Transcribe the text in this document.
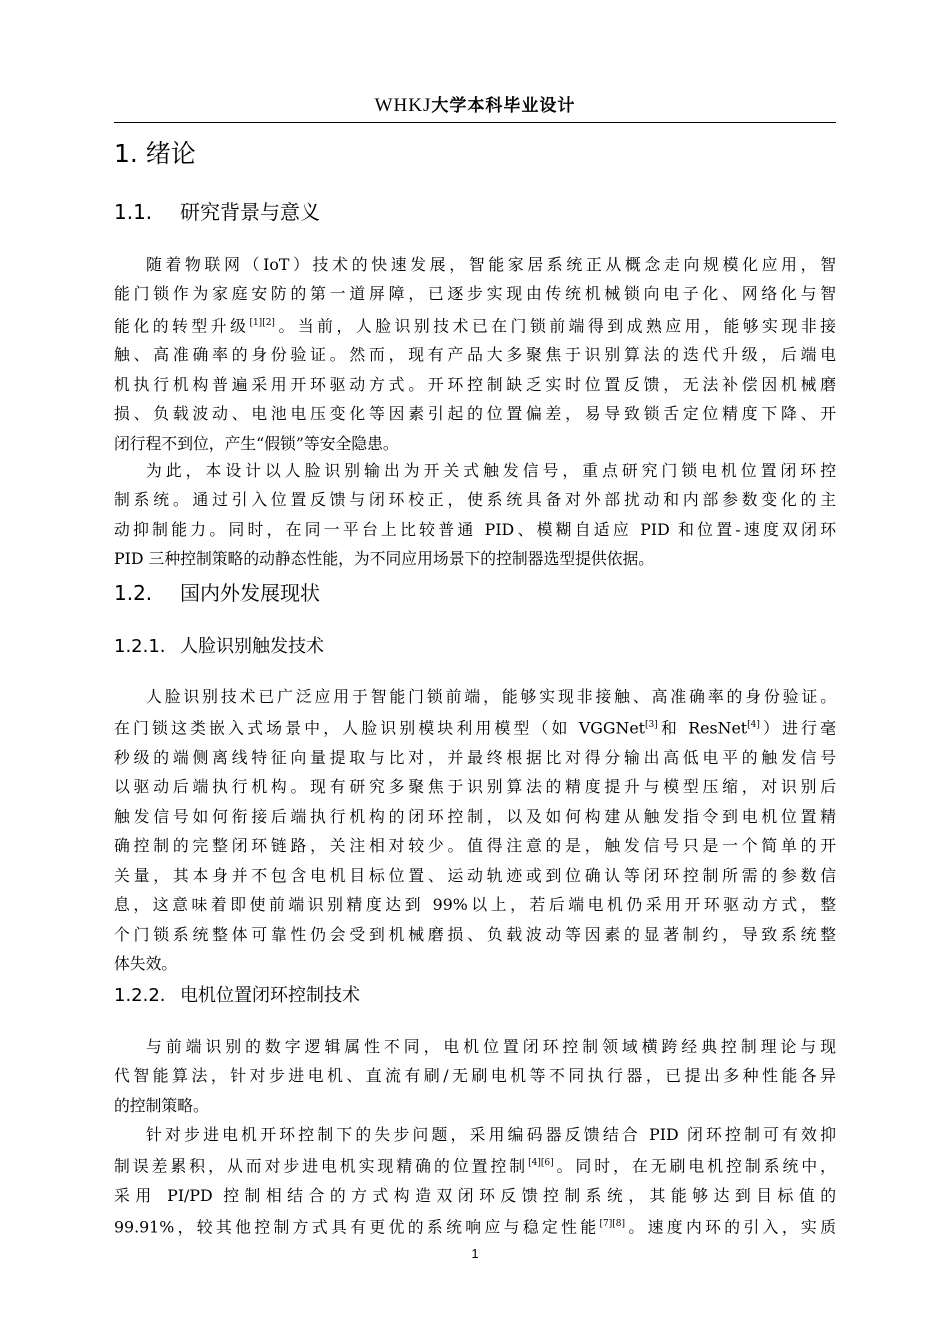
WHKJ大学本科毕业设计
1. 绪论
1.1. 研究背景与意义
随着物联网（IoT）技术的快速发展，智能家居系统正从概念走向规模化应用，智
能门锁作为家庭安防的第一道屏障，已逐步实现由传统机械锁向电子化、网络化与智
能化的转型升级[1][2]。当前，人脸识别技术已在门锁前端得到成熟应用，能够实现非接
触、高准确率的身份验证。然而，现有产品大多聚焦于识别算法的迭代升级，后端电
机执行机构普遍采用开环驱动方式。开环控制缺乏实时位置反馈，无法补偿因机械磨
损、负载波动、电池电压变化等因素引起的位置偏差，易导致锁舌定位精度下降、开
闭行程不到位，产生“假锁”等安全隐患。
为此，本设计以人脸识别输出为开关式触发信号，重点研究门锁电机位置闭环控
制系统。通过引入位置反馈与闭环校正，使系统具备对外部扰动和内部参数变化的主
动抑制能力。同时，在同一平台上比较普通 PID、模糊自适应 PID 和位置-速度双闭环
PID 三种控制策略的动静态性能，为不同应用场景下的控制器选型提供依据。
1.2. 国内外发展现状
1.2.1. 人脸识别触发技术
人脸识别技术已广泛应用于智能门锁前端，能够实现非接触、高准确率的身份验证。
在门锁这类嵌入式场景中，人脸识别模块利用模型（如 VGGNet[3]和 ResNet[4]）进行毫
秒级的端侧离线特征向量提取与比对，并最终根据比对得分输出高低电平的触发信号
以驱动后端执行机构。现有研究多聚焦于识别算法的精度提升与模型压缩，对识别后
触发信号如何衔接后端执行机构的闭环控制，以及如何构建从触发指令到电机位置精
确控制的完整闭环链路，关注相对较少。值得注意的是，触发信号只是一个简单的开
关量，其本身并不包含电机目标位置、运动轨迹或到位确认等闭环控制所需的参数信
息，这意味着即使前端识别精度达到 99%以上，若后端电机仍采用开环驱动方式，整
个门锁系统整体可靠性仍会受到机械磨损、负载波动等因素的显著制约，导致系统整
体失效。
1.2.2. 电机位置闭环控制技术
与前端识别的数字逻辑属性不同，电机位置闭环控制领域横跨经典控制理论与现
代智能算法，针对步进电机、直流有刷/无刷电机等不同执行器，已提出多种性能各异
的控制策略。
针对步进电机开环控制下的失步问题，采用编码器反馈结合 PID 闭环控制可有效抑
制误差累积，从而对步进电机实现精确的位置控制[4][6]。同时，在无刷电机控制系统中，
采用 PI/PD 控制相结合的方式构造双闭环反馈控制系统，其能够达到目标值的
99.91%，较其他控制方式具有更优的系统响应与稳定性能[7][8]。速度内环的引入，实质
1
